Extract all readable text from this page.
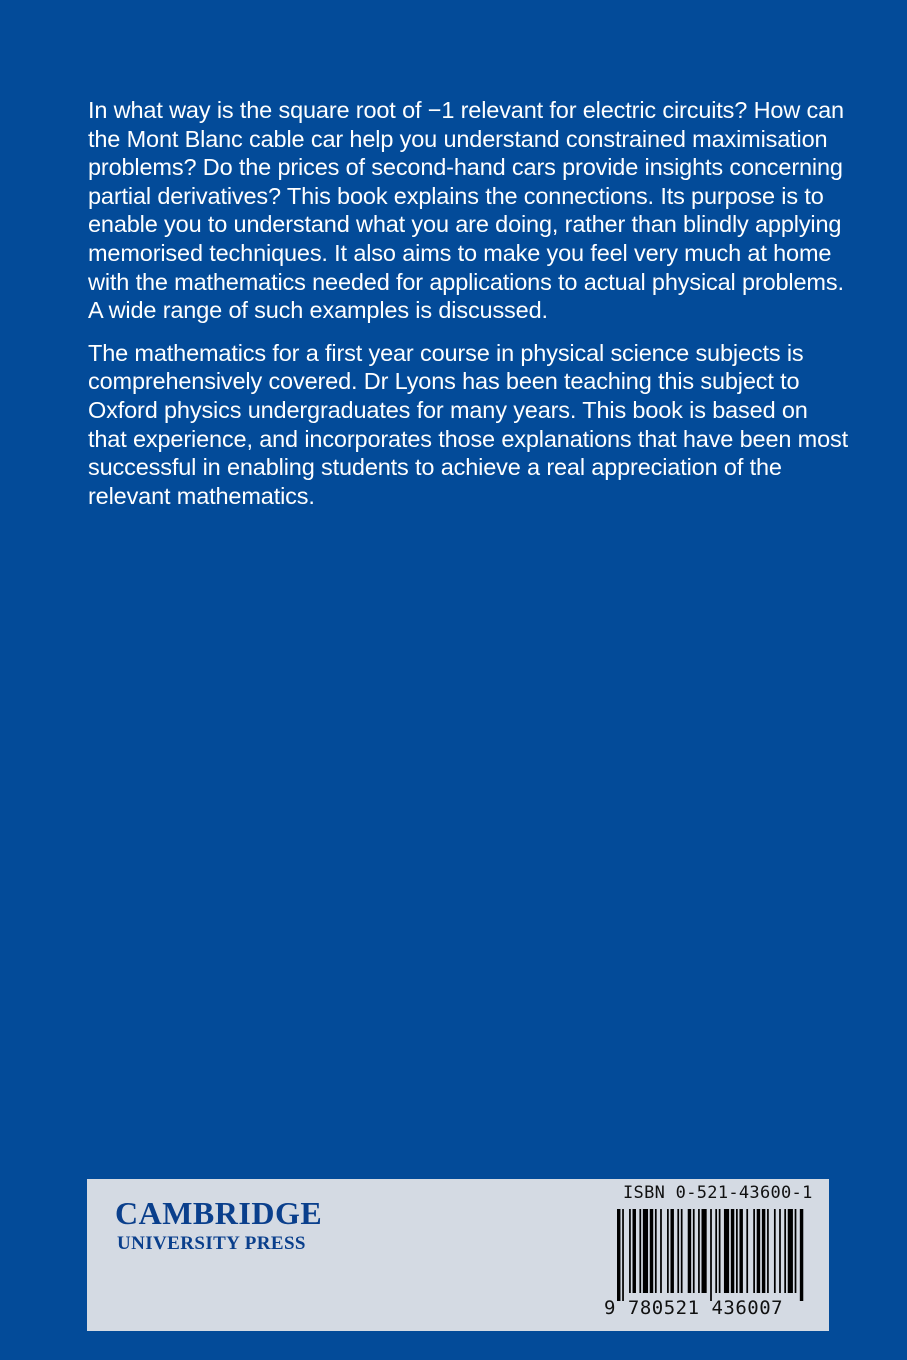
In what way is the square root of −1 relevant for electric circuits? How can the Mont Blanc cable car help you understand constrained maximisation problems? Do the prices of second-hand cars provide insights concerning partial derivatives? This book explains the connections. Its purpose is to enable you to understand what you are doing, rather than blindly applying memorised techniques. It also aims to make you feel very much at home with the mathematics needed for applications to actual physical problems. A wide range of such examples is discussed.

The mathematics for a first year course in physical science subjects is comprehensively covered. Dr Lyons has been teaching this subject to Oxford physics undergraduates for many years. This book is based on that experience, and incorporates those explanations that have been most successful in enabling students to achieve a real appreciation of the relevant mathematics.

CAMBRIDGE
UNIVERSITY PRESS
ISBN 0-521-43600-1
9 780521 436007
